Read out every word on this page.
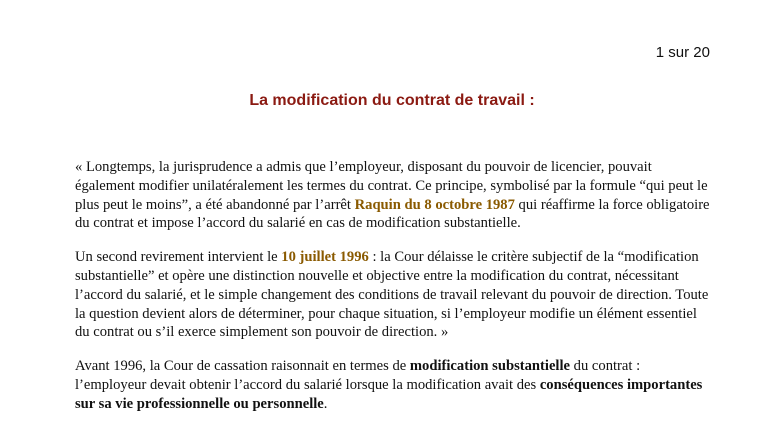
1 sur 20
La modification du contrat de travail :

« Longtemps, la jurisprudence a admis que l’employeur, disposant du pouvoir de licencier, pouvait également modifier unilatéralement les termes du contrat. Ce principe, symbolisé par la formule “qui peut le plus peut le moins”, a été abandonné par l’arrêt Raquin du 8 octobre 1987 qui réaffirme la force obligatoire du contrat et impose l’accord du salarié en cas de modification substantielle.

Un second revirement intervient le 10 juillet 1996 : la Cour délaisse le critère subjectif de la “modification substantielle” et opère une distinction nouvelle et objective entre la modification du contrat, nécessitant l’accord du salarié, et le simple changement des conditions de travail relevant du pouvoir de direction. Toute la question devient alors de déterminer, pour chaque situation, si l’employeur modifie un élément essentiel du contrat ou s’il exerce simplement son pouvoir de direction. »

Avant 1996, la Cour de cassation raisonnait en termes de modification substantielle du contrat : l’employeur devait obtenir l’accord du salarié lorsque la modification avait des conséquences importantes sur sa vie professionnelle ou personnelle.
